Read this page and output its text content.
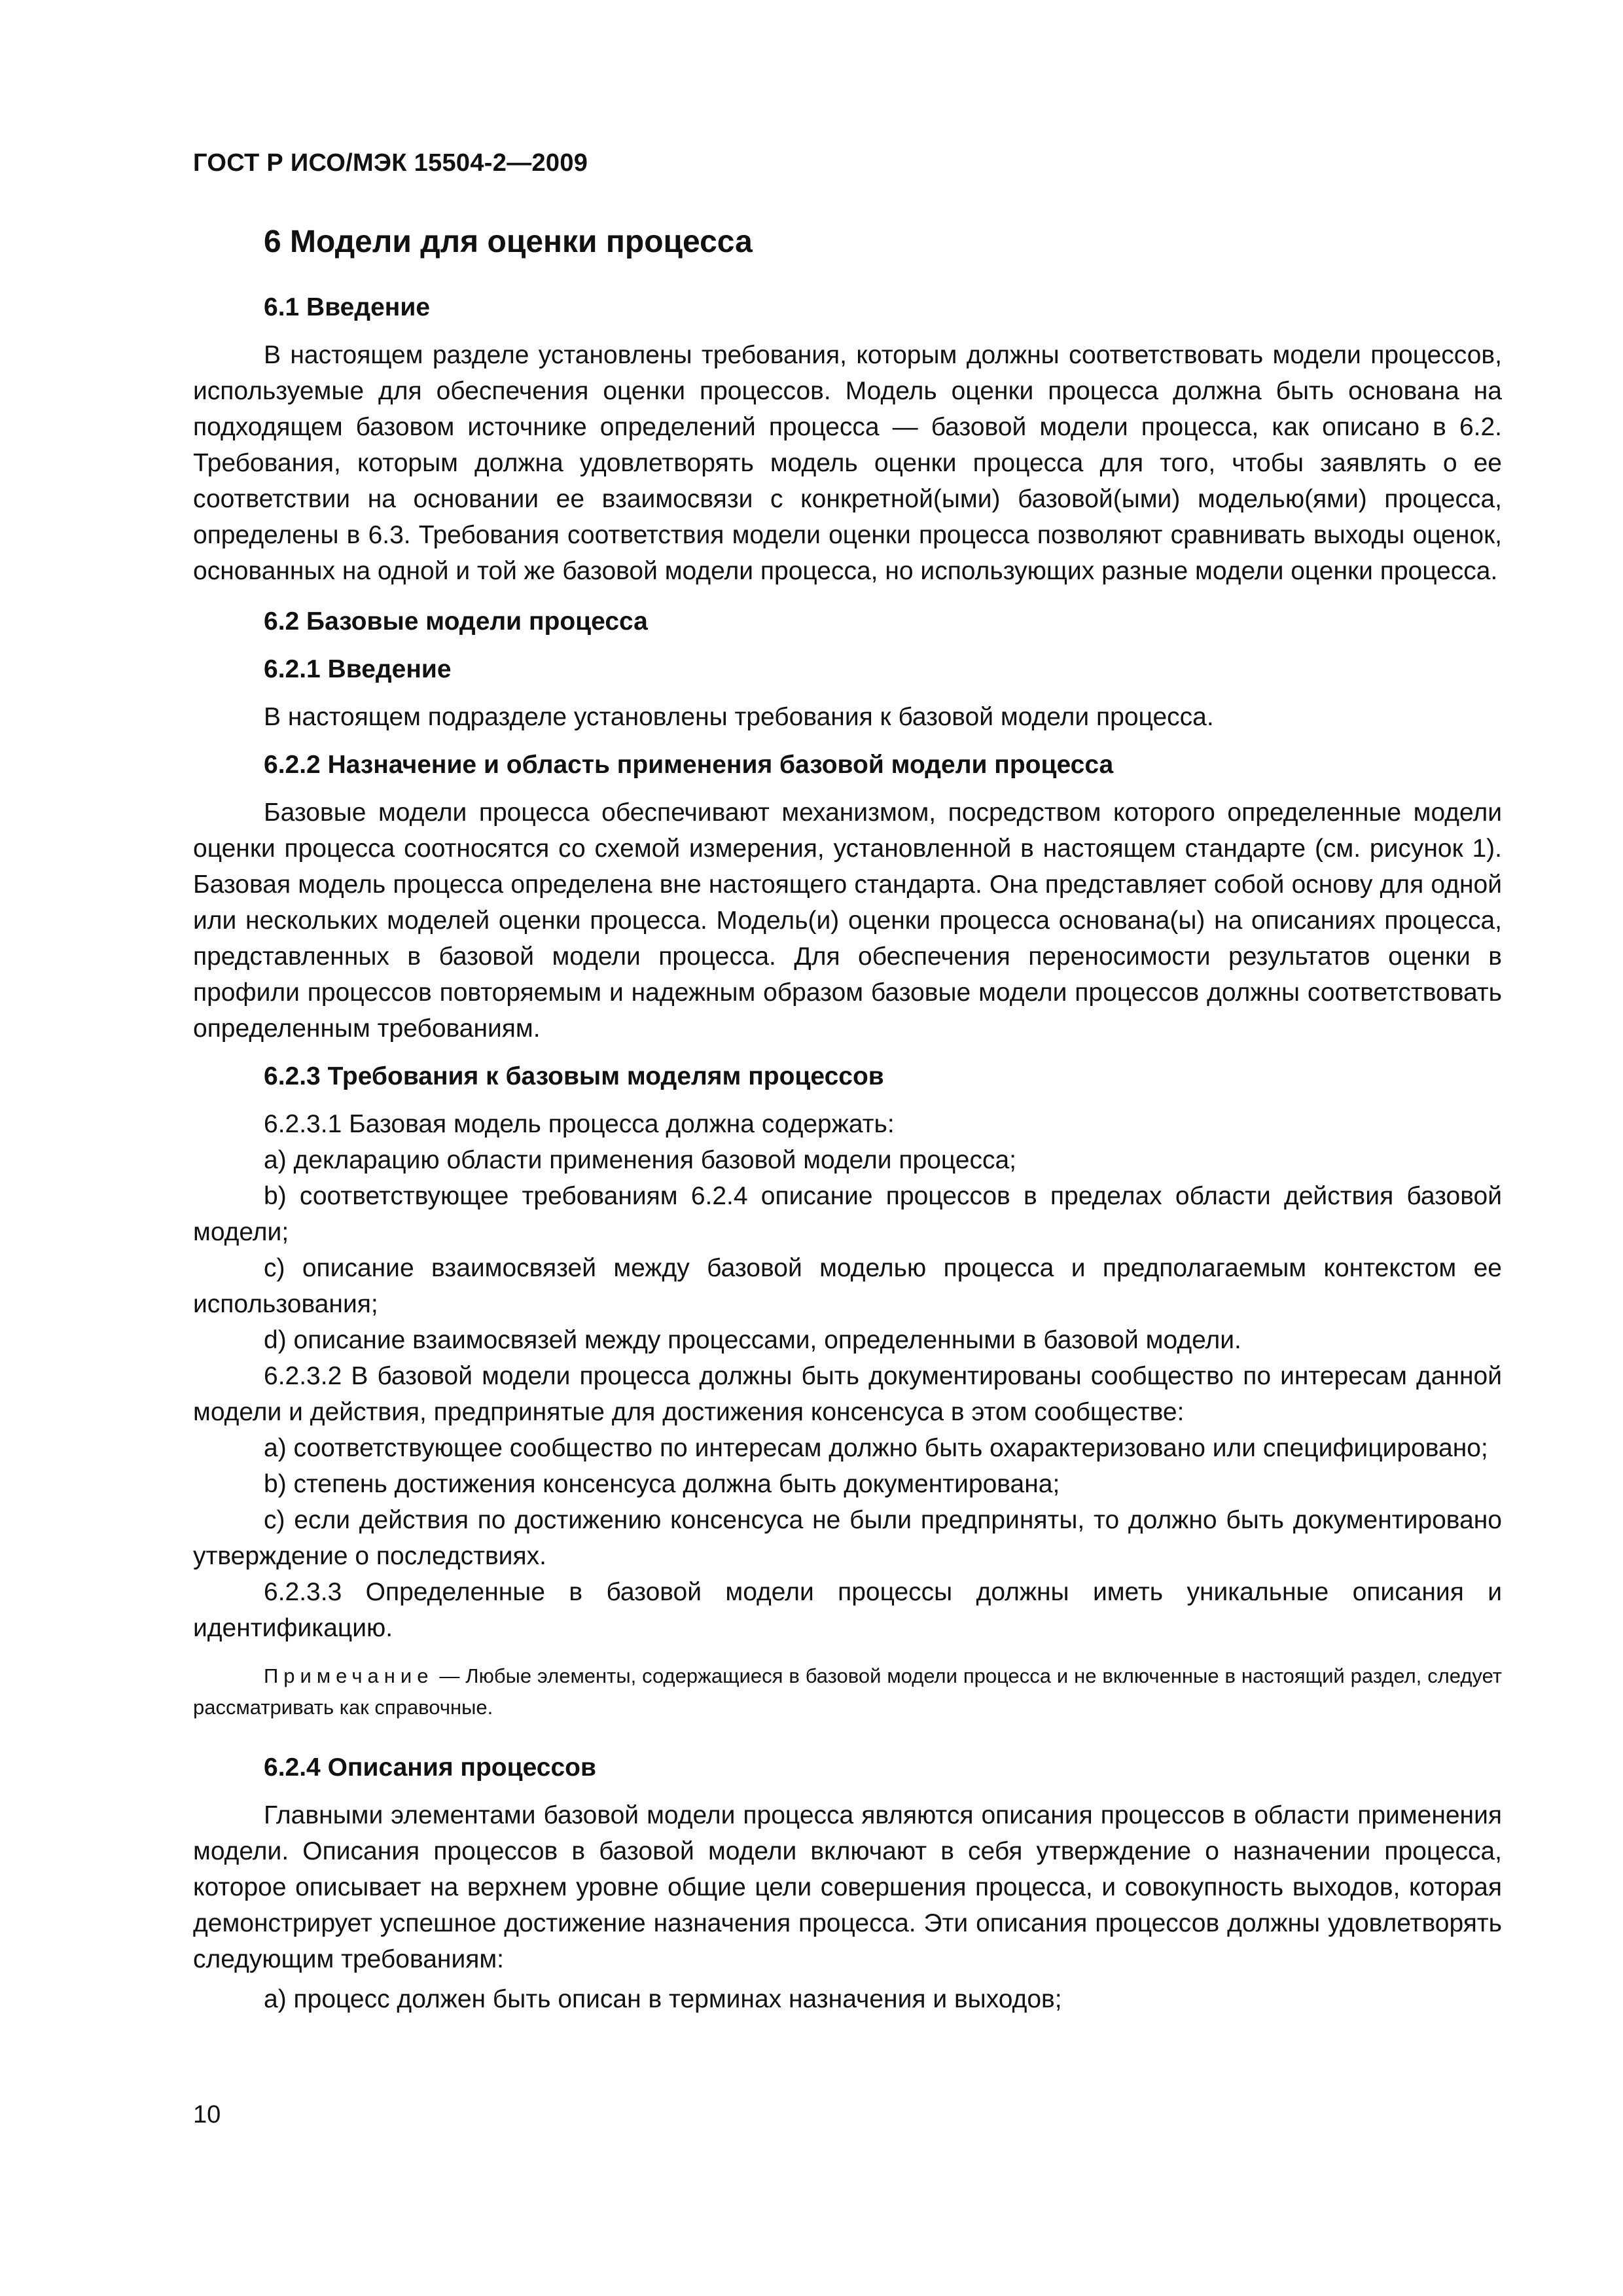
ГОСТ Р ИСО/МЭК 15504-2—2009
6 Модели для оценки процесса
6.1 Введение

В настоящем разделе установлены требования, которым должны соответствовать модели процессов, используемые для обеспечения оценки процессов. Модель оценки процесса должна быть основана на подходящем базовом источнике определений процесса — базовой модели процесса, как описано в 6.2. Требования, которым должна удовлетворять модель оценки процесса для того, чтобы заявлять о ее соответствии на основании ее взаимосвязи с конкретной(ыми) базовой(ыми) моделью(ями) процесса, определены в 6.3. Требования соответствия модели оценки процесса позволяют сравнивать выходы оценок, основанных на одной и той же базовой модели процесса, но использующих разные модели оценки процесса.

6.2 Базовые модели процесса
6.2.1 Введение

В настоящем подразделе установлены требования к базовой модели процесса.

6.2.2 Назначение и область применения базовой модели процесса

Базовые модели процесса обеспечивают механизмом, посредством которого определенные модели оценки процесса соотносятся со схемой измерения, установленной в настоящем стандарте (см. рисунок 1). Базовая модель процесса определена вне настоящего стандарта. Она представляет собой основу для одной или нескольких моделей оценки процесса. Модель(и) оценки процесса основана(ы) на описаниях процесса, представленных в базовой модели процесса. Для обеспечения переносимости результатов оценки в профили процессов повторяемым и надежным образом базовые модели процессов должны соответствовать определенным требованиям.

6.2.3 Требования к базовым моделям процессов

6.2.3.1 Базовая модель процесса должна содержать:

a) декларацию области применения базовой модели процесса;

b) соответствующее требованиям 6.2.4 описание процессов в пределах области действия базовой модели;

c) описание взаимосвязей между базовой моделью процесса и предполагаемым контекстом ее использования;

d) описание взаимосвязей между процессами, определенными в базовой модели.

6.2.3.2 В базовой модели процесса должны быть документированы сообщество по интересам данной модели и действия, предпринятые для достижения консенсуса в этом сообществе:

a) соответствующее сообщество по интересам должно быть охарактеризовано или специфицировано;

b) степень достижения консенсуса должна быть документирована;

c) если действия по достижению консенсуса не были предприняты, то должно быть документировано утверждение о последствиях.

6.2.3.3 Определенные в базовой модели процессы должны иметь уникальные описания и идентификацию.

Примечание — Любые элементы, содержащиеся в базовой модели процесса и не включенные в настоящий раздел, следует рассматривать как справочные.
6.2.4 Описания процессов

Главными элементами базовой модели процесса являются описания процессов в области применения модели. Описания процессов в базовой модели включают в себя утверждение о назначении процесса, которое описывает на верхнем уровне общие цели совершения процесса, и совокупность выходов, которая демонстрирует успешное достижение назначения процесса. Эти описания процессов должны удовлетворять следующим требованиям:

a) процесс должен быть описан в терминах назначения и выходов;

10
